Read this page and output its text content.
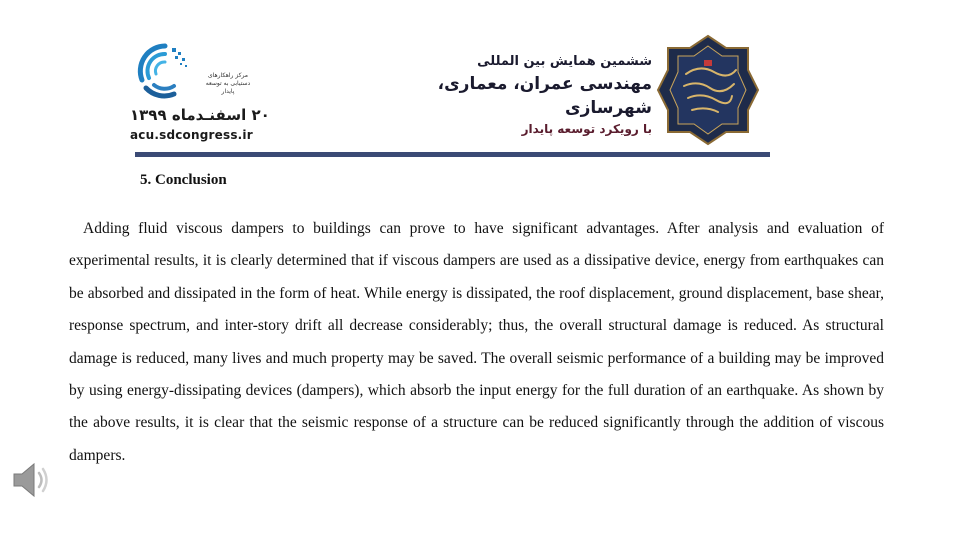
مرکز راهکارهای دستیابی به توسعه پایدار
۲۰ اسفنـدماه ۱۳۹۹
acu.sdcongress.ir
ششمین همایش بین المللی
مهندسی عمران، معماری، شهرسازی
با رویکرد توسعه پایدار
5. Conclusion

Adding fluid viscous dampers to buildings can prove to have significant advantages. After analysis and evaluation of experimental results, it is clearly determined that if viscous dampers are used as a dissipative device, energy from earthquakes can be absorbed and dissipated in the form of heat. While energy is dissipated, the roof displacement, ground displacement, base shear, response spectrum, and inter-story drift all decrease considerably; thus, the overall structural damage is reduced. As structural damage is reduced, many lives and much property may be saved. The overall seismic performance of a building may be improved by using energy-dissipating devices (dampers), which absorb the input energy for the full duration of an earthquake. As shown by the above results, it is clear that the seismic response of a structure can be reduced significantly through the addition of viscous dampers.
